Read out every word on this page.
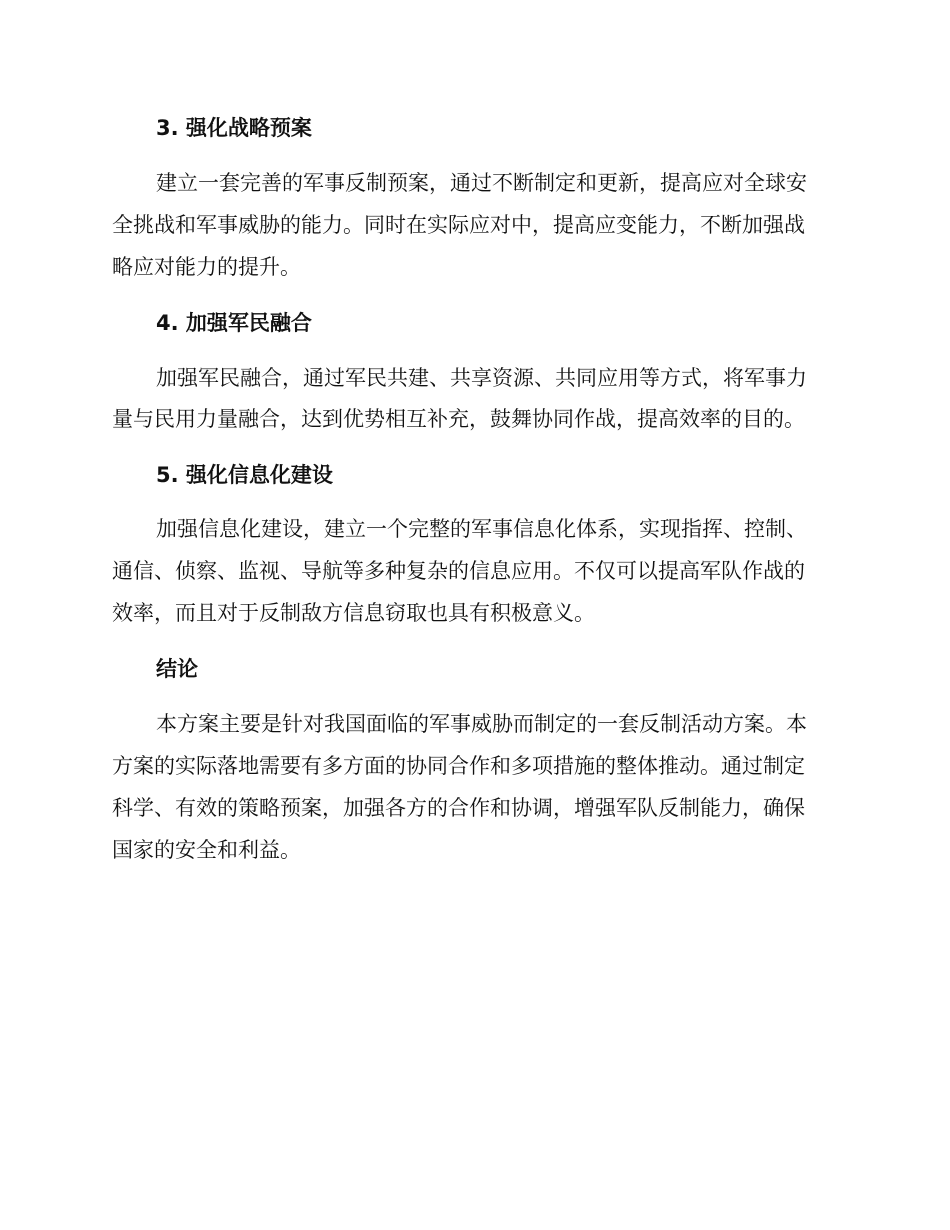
3. 强化战略预案
建立一套完善的军事反制预案，通过不断制定和更新，提高应对全球安
全挑战和军事威胁的能力。同时在实际应对中，提高应变能力，不断加强战
略应对能力的提升。
4. 加强军民融合
加强军民融合，通过军民共建、共享资源、共同应用等方式，将军事力
量与民用力量融合，达到优势相互补充，鼓舞协同作战，提高效率的目的。
5. 强化信息化建设
加强信息化建设，建立一个完整的军事信息化体系，实现指挥、控制、
通信、侦察、监视、导航等多种复杂的信息应用。不仅可以提高军队作战的
效率，而且对于反制敌方信息窃取也具有积极意义。
结论
本方案主要是针对我国面临的军事威胁而制定的一套反制活动方案。本
方案的实际落地需要有多方面的协同合作和多项措施的整体推动。通过制定
科学、有效的策略预案，加强各方的合作和协调，增强军队反制能力，确保
国家的安全和利益。
